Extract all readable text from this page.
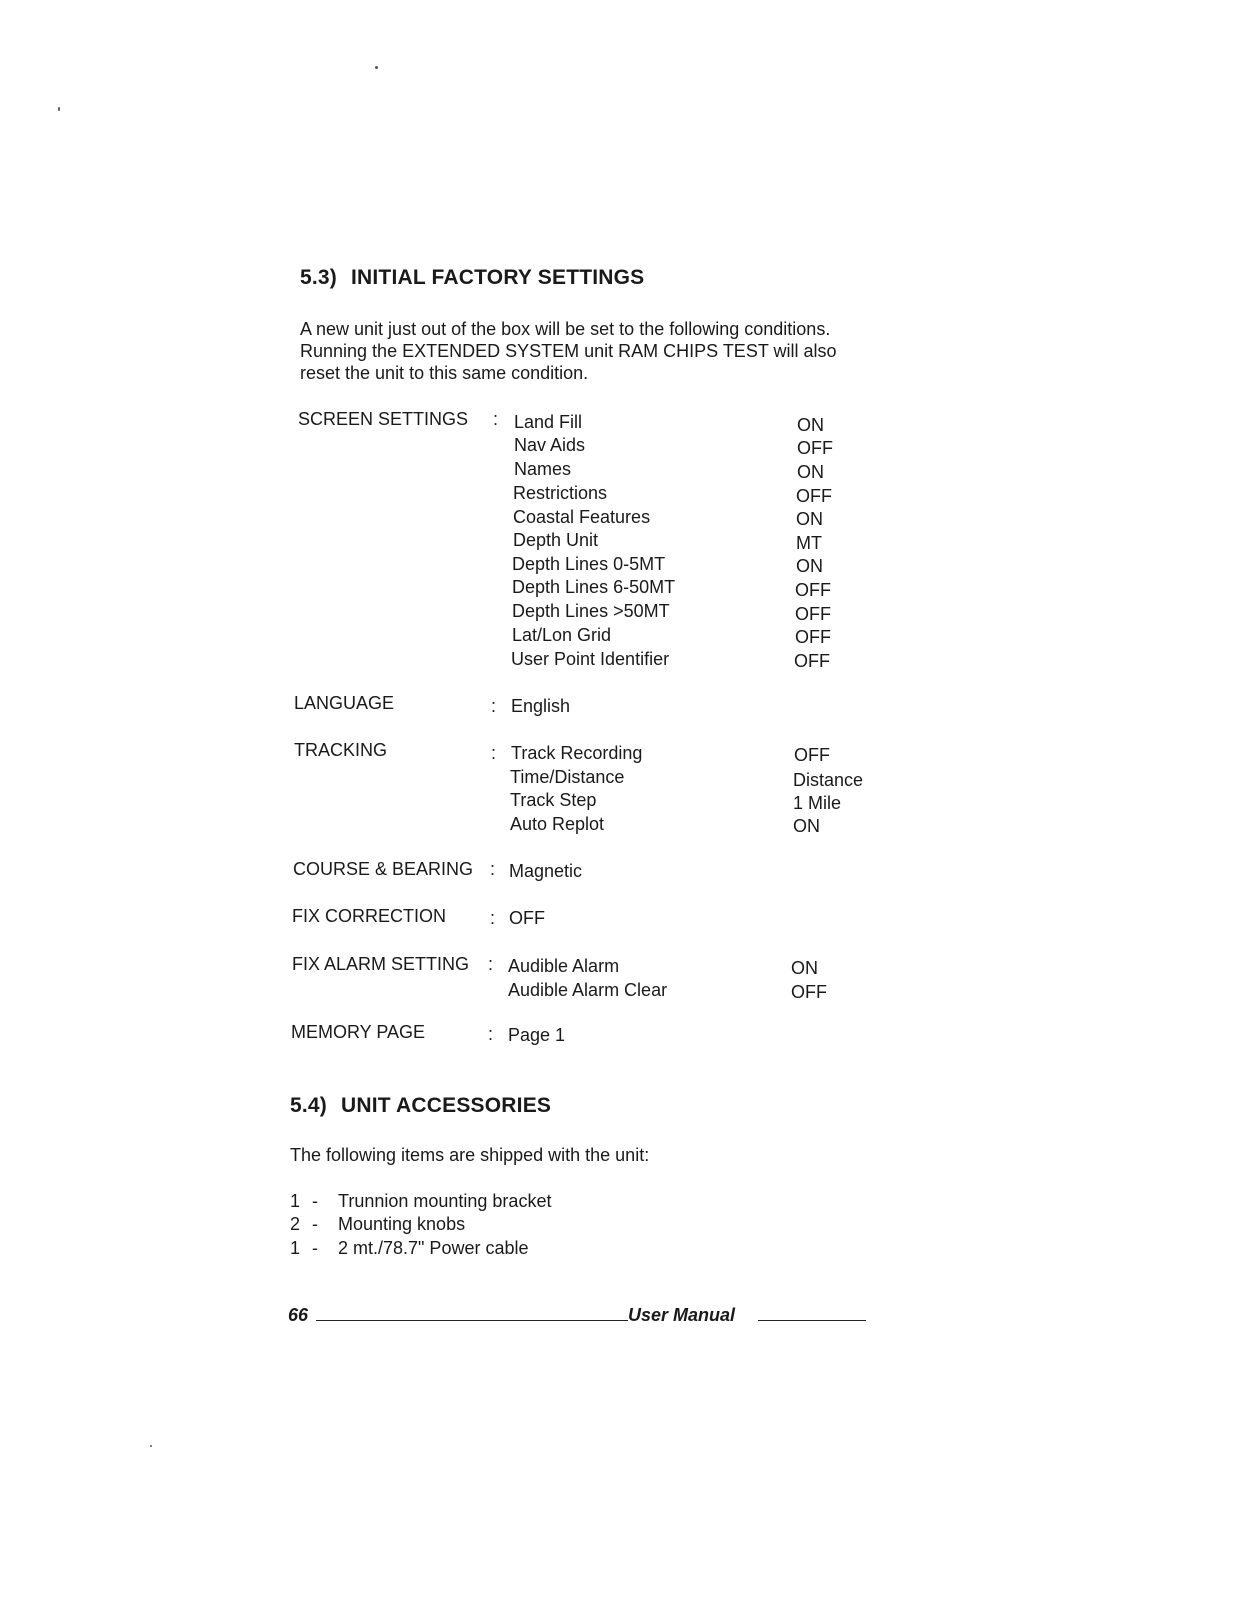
5.3) INITIAL FACTORY SETTINGS
A new unit just out of the box will be set to the following conditions.
Running the EXTENDED SYSTEM unit RAM CHIPS TEST will also
reset the unit to this same condition.
SCREEN SETTINGS : Land Fill	ON
Nav Aids	OFF
Names	ON
Restrictions	OFF
Coastal Features	ON
Depth Unit	MT
Depth Lines 0-5MT	ON
Depth Lines 6-50MT	OFF
Depth Lines >50MT	OFF
Lat/Lon Grid	OFF
User Point Identifier	OFF
LANGUAGE	: English
TRACKING	: Track Recording	OFF
Time/Distance	Distance
Track Step	1 Mile
Auto Replot	ON
COURSE & BEARING : Magnetic
FIX CORRECTION : OFF
FIX ALARM SETTING : Audible Alarm	ON
Audible Alarm Clear	OFF
MEMORY PAGE	: Page 1
5.4) UNIT ACCESSORIES
The following items are shipped with the unit:
1 - Trunnion mounting bracket
2 - Mounting knobs
1 - 2 mt./78.7" Power cable
66	User Manual
